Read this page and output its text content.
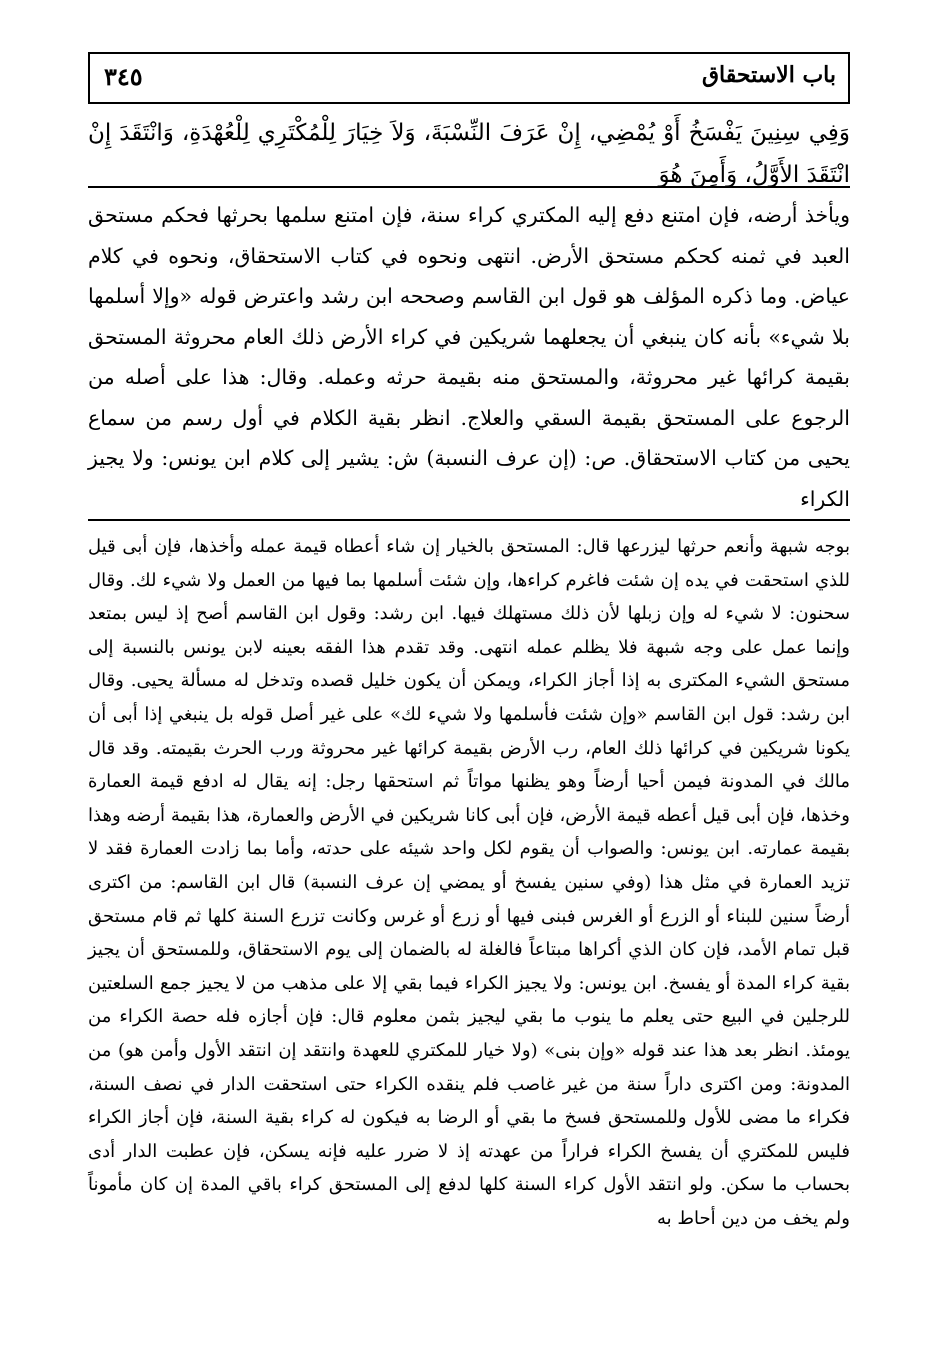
٣٤٥	باب الاستحقاق

وَفِي سِنِينَ يَفْسَخُ أَوْ يُمْضِي، إِنْ عَرَفَ النِّسْبَةَ، وَلاَ خِيَارَ لِلْمُكْتَرِي لِلْعُهْدَةِ، وَانْتَقَدَ إِنْ انْتَقَدَ الأَوَّلُ، وَأَمِنَ هُوَ

ويأخذ أرضه، فإن امتنع دفع إليه المكتري كراء سنة، فإن امتنع سلمها بحرثها فحكم مستحق العبد في ثمنه كحكم مستحق الأرض. انتهى ونحوه في كتاب الاستحقاق، ونحوه في كلام عياض. وما ذكره المؤلف هو قول ابن القاسم وصححه ابن رشد واعترض قوله «وإلا أسلمها بلا شيء» بأنه كان ينبغي أن يجعلهما شريكين في كراء الأرض ذلك العام محروثة المستحق بقيمة كرائها غير محروثة، والمستحق منه بقيمة حرثه وعمله. وقال: هذا على أصله من الرجوع على المستحق بقيمة السقي والعلاج. انظر بقية الكلام في أول رسم من سماع يحيى من كتاب الاستحقاق. ص: (إن عرف النسبة) ش: يشير إلى كلام ابن يونس: ولا يجيز الكراء

بوجه شبهة وأنعم حرثها ليزرعها قال: المستحق بالخيار إن شاء أعطاه قيمة عمله وأخذها، فإن أبى قيل للذي استحقت في يده إن شئت فاغرم كراءها، وإن شئت أسلمها بما فيها من العمل ولا شيء لك. وقال سحنون: لا شيء له وإن زبلها لأن ذلك مستهلك فيها. ابن رشد: وقول ابن القاسم أصح إذ ليس بمتعد وإنما عمل على وجه شبهة فلا يظلم عمله انتهى. وقد تقدم هذا الفقه بعينه لابن يونس بالنسبة إلى مستحق الشيء المكترى به إذا أجاز الكراء، ويمكن أن يكون خليل قصده وتدخل له مسألة يحيى. وقال ابن رشد: قول ابن القاسم «وإن شئت فأسلمها ولا شيء لك» على غير أصل قوله بل ينبغي إذا أبى أن يكونا شريكين في كرائها ذلك العام، رب الأرض بقيمة كرائها غير محروثة ورب الحرث بقيمته. وقد قال مالك في المدونة فيمن أحيا أرضاً وهو يظنها مواتاً ثم استحقها رجل: إنه يقال له ادفع قيمة العمارة وخذها، فإن أبى قيل أعطه قيمة الأرض، فإن أبى كانا شريكين في الأرض والعمارة، هذا بقيمة أرضه وهذا بقيمة عمارته. ابن يونس: والصواب أن يقوم لكل واحد شيئه على حدته، وأما بما زادت العمارة فقد لا تزيد العمارة في مثل هذا (وفي سنين يفسخ أو يمضي إن عرف النسبة) قال ابن القاسم: من اكترى أرضاً سنين للبناء أو الزرع أو الغرس فبنى فيها أو زرع أو غرس وكانت تزرع السنة كلها ثم قام مستحق قبل تمام الأمد، فإن كان الذي أكراها مبتاعاً فالغلة له بالضمان إلى يوم الاستحقاق، وللمستحق أن يجيز بقية كراء المدة أو يفسخ. ابن يونس: ولا يجيز الكراء فيما بقي إلا على مذهب من لا يجيز جمع السلعتين للرجلين في البيع حتى يعلم ما ينوب ما بقي ليجيز بثمن معلوم قال: فإن أجازه فله حصة الكراء من يومئذ. انظر بعد هذا عند قوله «وإن بنى» (ولا خيار للمكتري للعهدة وانتقد إن انتقد الأول وأمن هو) من المدونة: ومن اكترى داراً سنة من غير غاصب فلم ينقده الكراء حتى استحقت الدار في نصف السنة، فكراء ما مضى للأول وللمستحق فسخ ما بقي أو الرضا به فيكون له كراء بقية السنة، فإن أجاز الكراء فليس للمكتري أن يفسخ الكراء فراراً من عهدته إذ لا ضرر عليه فإنه يسكن، فإن عطبت الدار أدى بحساب ما سكن. ولو انتقد الأول كراء السنة كلها لدفع إلى المستحق كراء باقي المدة إن كان مأموناً ولم يخف من دين أحاط به
